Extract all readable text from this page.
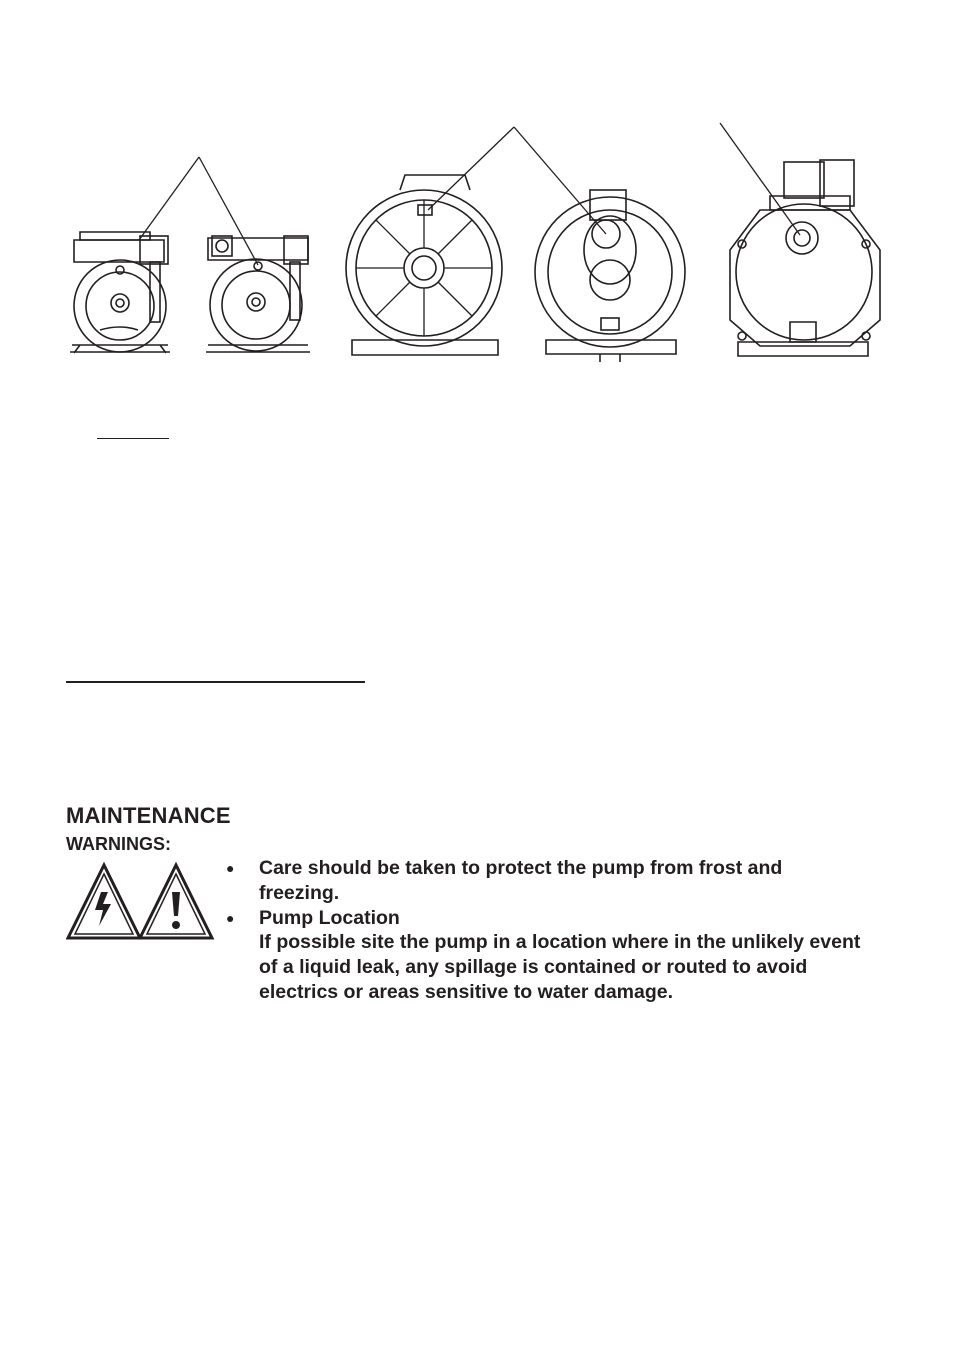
MAINTENANCE
WARNINGS:
● Care should be taken to protect the pump from frost and freezing.
● Pump Location
If possible site the pump in a location where in the unlikely event of a liquid leak, any spillage is contained or routed to avoid electrics or areas sensitive to water damage.
